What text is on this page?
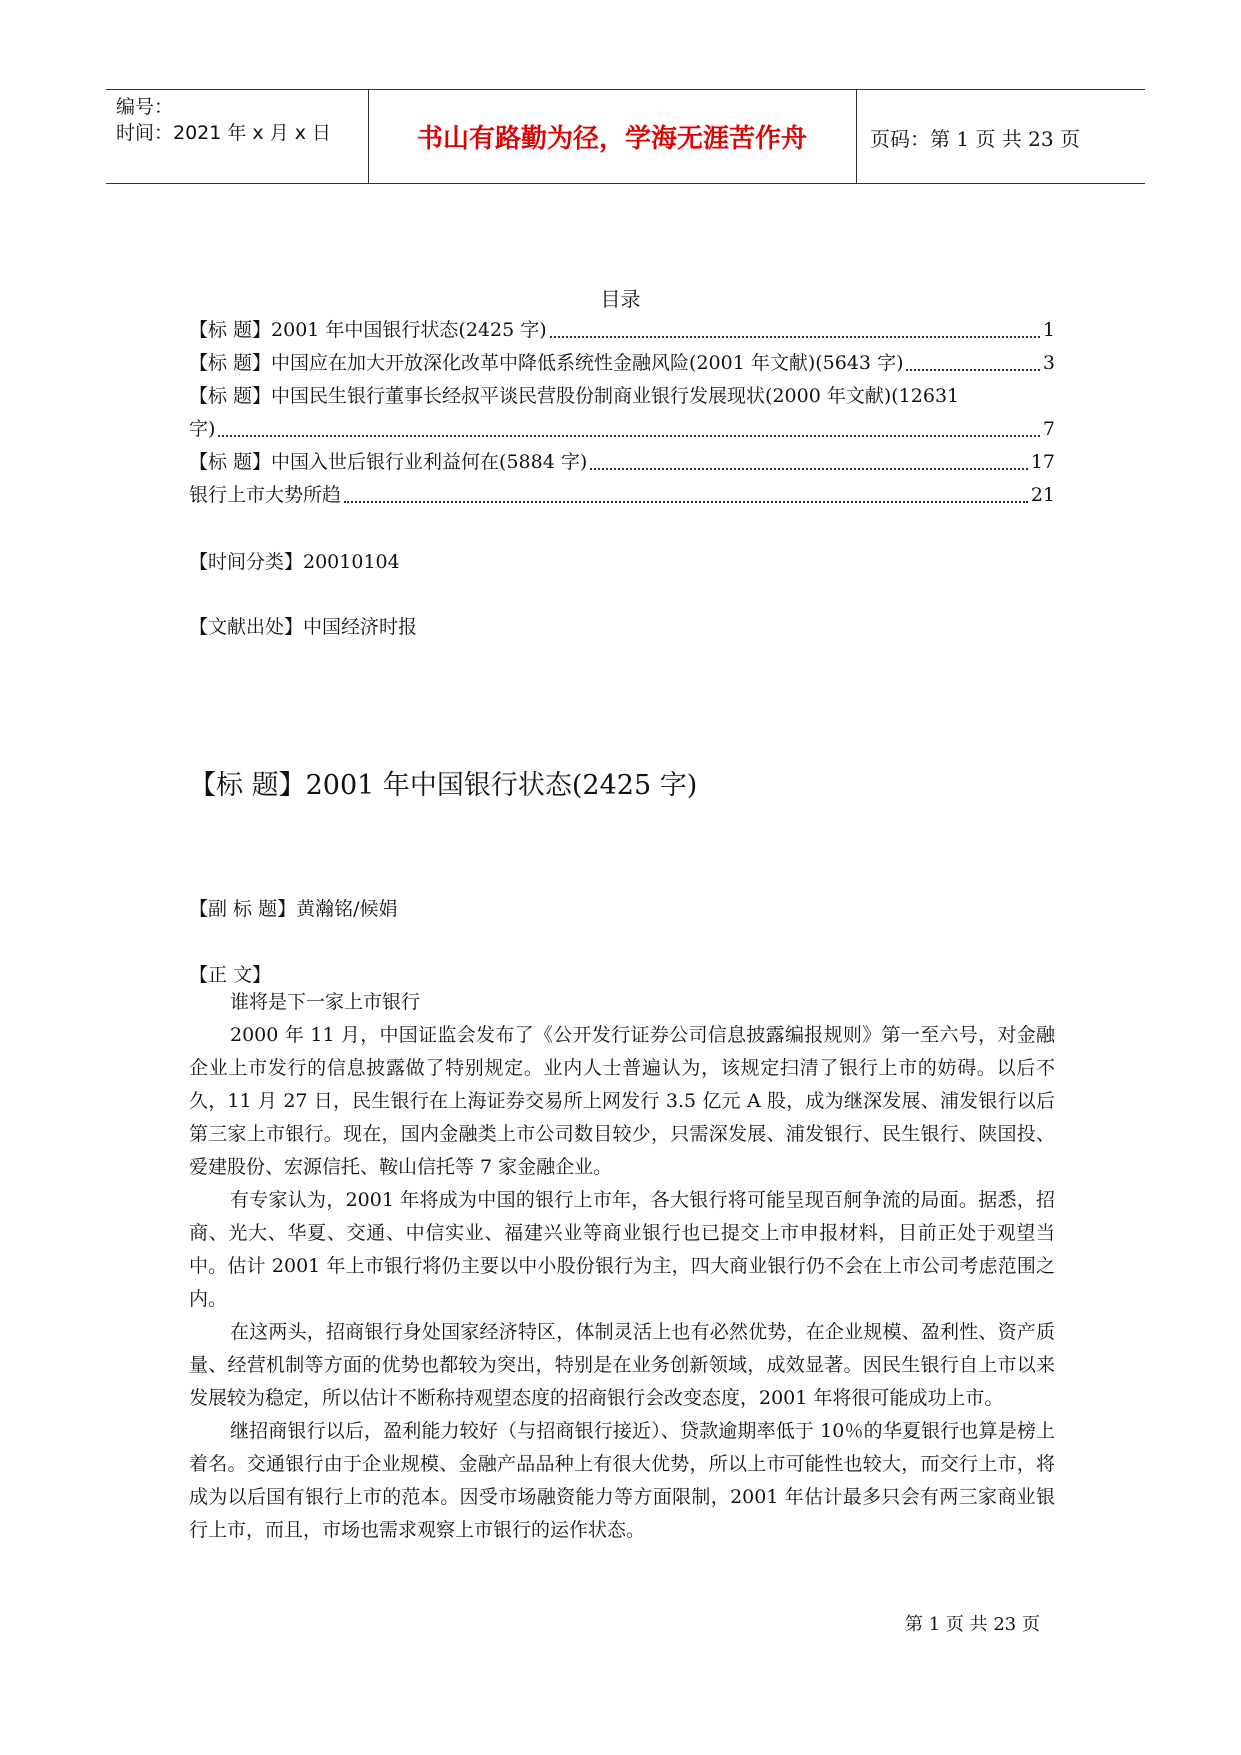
编号：
时间：2021 年 x 月 x 日	书山有路勤为径，学海无涯苦作舟	页码：第 1 页 共 23 页
目录
【标 题】2001 年中国银行状态(2425 字)	1
【标 题】中国应在加大开放深化改革中降低系统性金融风险(2001 年文献)(5643 字)	3
【标 题】中国民生银行董事长经叔平谈民营股份制商业银行发展现状(2000 年文献)(12631
字)	7
【标 题】中国入世后银行业利益何在(5884 字)	17
银行上市大势所趋	21
【时间分类】20010104
【文献出处】中国经济时报
【标 题】2001 年中国银行状态(2425 字)
【副 标 题】黄瀚铭/候娟
【正 文】

谁将是下一家上市银行

2000 年 11 月，中国证监会发布了《公开发行证券公司信息披露编报规则》第一至六号，对金融企业上市发行的信息披露做了特别规定。业内人士普遍认为，该规定扫清了银行上市的妨碍。以后不久，11 月 27 日，民生银行在上海证券交易所上网发行 3.5 亿元 A 股，成为继深发展、浦发银行以后第三家上市银行。现在，国内金融类上市公司数目较少，只需深发展、浦发银行、民生银行、陕国投、爱建股份、宏源信托、鞍山信托等 7 家金融企业。

有专家认为，2001 年将成为中国的银行上市年，各大银行将可能呈现百舸争流的局面。据悉，招商、光大、华夏、交通、中信实业、福建兴业等商业银行也已提交上市申报材料，目前正处于观望当中。估计 2001 年上市银行将仍主要以中小股份银行为主，四大商业银行仍不会在上市公司考虑范围之内。

在这两头，招商银行身处国家经济特区，体制灵活上也有必然优势，在企业规模、盈利性、资产质量、经营机制等方面的优势也都较为突出，特别是在业务创新领域，成效显著。因民生银行自上市以来发展较为稳定，所以估计不断称持观望态度的招商银行会改变态度，2001 年将很可能成功上市。

继招商银行以后，盈利能力较好（与招商银行接近）、贷款逾期率低于 10％的华夏银行也算是榜上着名。交通银行由于企业规模、金融产品品种上有很大优势，所以上市可能性也较大，而交行上市，将成为以后国有银行上市的范本。因受市场融资能力等方面限制，2001 年估计最多只会有两三家商业银行上市，而且，市场也需求观察上市银行的运作状态。

第 1 页 共 23 页
